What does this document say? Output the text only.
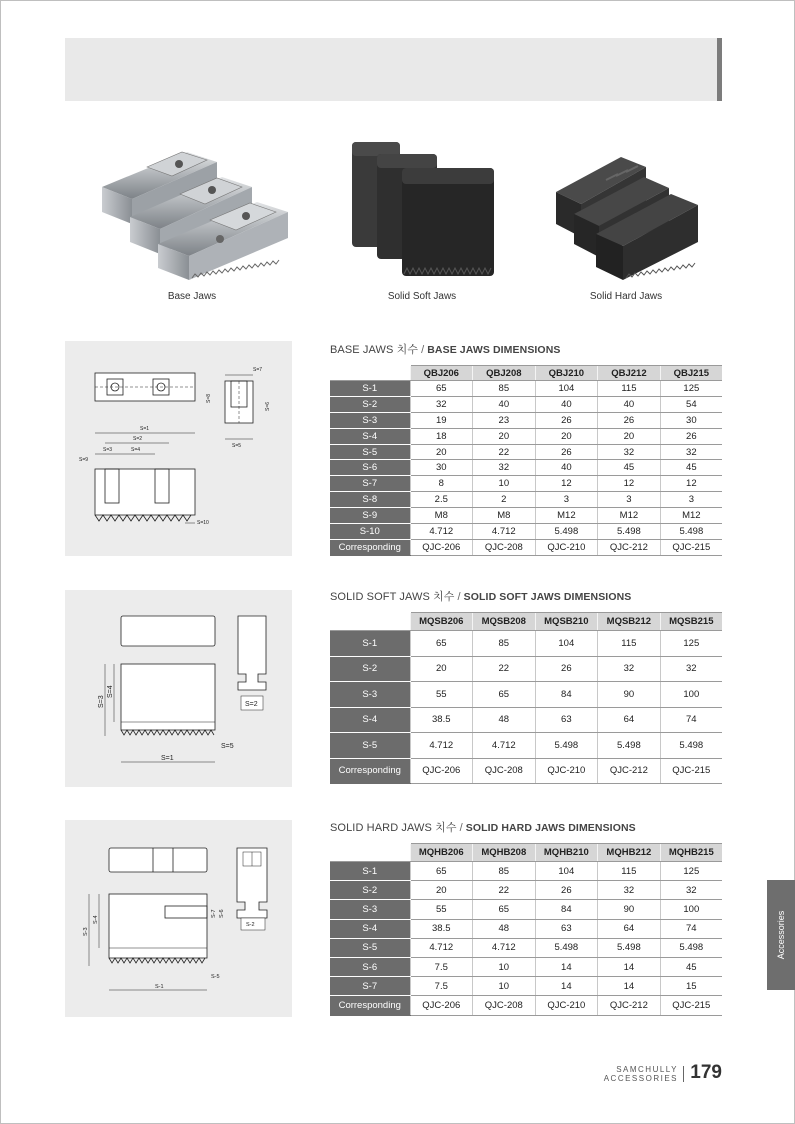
Base Jaws	Solid Soft Jaws	Solid Hard Jaws
S=7
S=8
S=6
S=5
S=1
S=2
S=3	S=4
S=9
S=10
BASE JAWS 치수 / BASE JAWS DIMENSIONS
	QBJ206	QBJ208	QBJ210	QBJ212	QBJ215
S-1	65	85	104	115	125
S-2	32	40	40	40	54
S-3	19	23	26	26	30
S-4	18	20	20	20	26
S-5	20	22	26	32	32
S-6	30	32	40	45	45
S-7	8	10	12	12	12
S-8	2.5	2	3	3	3
S-9	M8	M8	M12	M12	M12
S-10	4.712	4.712	5.498	5.498	5.498
Corresponding	QJC-206	QJC-208	QJC-210	QJC-212	QJC-215
S=3
S=4
S=1
S=5
S=2
SOLID SOFT JAWS 치수 / SOLID SOFT JAWS DIMENSIONS
	MQSB206	MQSB208	MQSB210	MQSB212	MQSB215
S-1	65	85	104	115	125
S-2	20	22	26	32	32
S-3	55	65	84	90	100
S-4	38.5	48	63	64	74
S-5	4.712	4.712	5.498	5.498	5.498
Corresponding	QJC-206	QJC-208	QJC-210	QJC-212	QJC-215
S-3
S-4
S-7 S-6
S-1
S-5
S-2
SOLID HARD JAWS 치수 / SOLID HARD JAWS DIMENSIONS
	MQHB206	MQHB208	MQHB210	MQHB212	MQHB215
S-1	65	85	104	115	125
S-2	20	22	26	32	32
S-3	55	65	84	90	100
S-4	38.5	48	63	64	74
S-5	4.712	4.712	5.498	5.498	5.498
S-6	7.5	10	14	14	45
S-7	7.5	10	14	14	15
Corresponding	QJC-206	QJC-208	QJC-210	QJC-212	QJC-215
Accessories
SAMCHULLY
ACCESSORIES 179
